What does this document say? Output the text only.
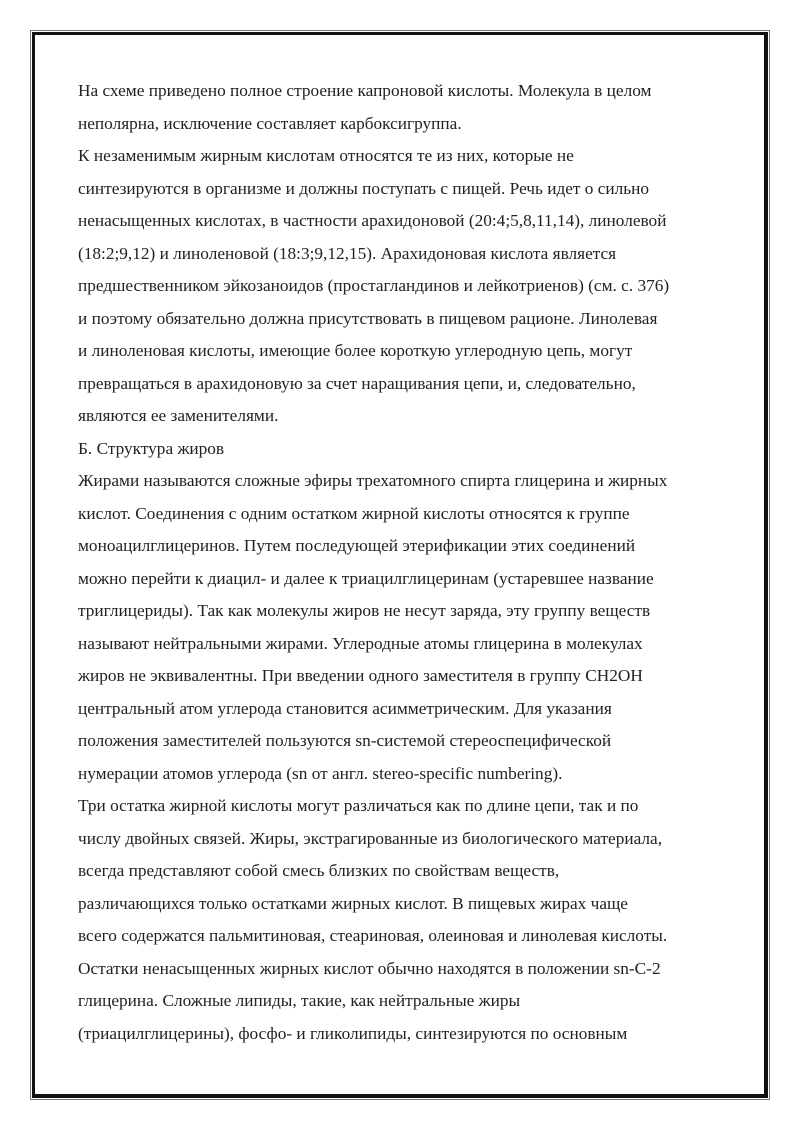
На схеме приведено полное строение капроновой кислоты. Молекула в целом
неполярна, исключение составляет карбоксигруппа.
К незаменимым жирным кислотам относятся те из них, которые не
синтезируются в организме и должны поступать с пищей. Речь идет о сильно
ненасыщенных кислотах, в частности арахидоновой (20:4;5,8,11,14), линолевой
(18:2;9,12) и линоленовой (18:3;9,12,15). Арахидоновая кислота является
предшественником эйкозаноидов (простагландинов и лейкотриенов) (см. с. 376)
и поэтому обязательно должна присутствовать в пищевом рационе. Линолевая
и линоленовая кислоты, имеющие более короткую углеродную цепь, могут
превращаться в арахидоновую за счет наращивания цепи, и, следовательно,
являются ее заменителями.
Б. Структура жиров
Жирами называются сложные эфиры трехатомного спирта глицерина и жирных
кислот. Соединения с одним остатком жирной кислоты относятся к группе
моноацилглицеринов. Путем последующей этерификации этих соединений
можно перейти к диацил- и далее к триацилглицеринам (устаревшее название
триглицериды). Так как молекулы жиров не несут заряда, эту группу веществ
называют нейтральными жирами. Углеродные атомы глицерина в молекулах
жиров не эквивалентны. При введении одного заместителя в группу CH2OH
центральный атом углерода становится асимметрическим. Для указания
положения заместителей пользуются sn-системой стереоспецифической
нумерации атомов углерода (sn от англ. stereo-specific numbering).
Три остатка жирной кислоты могут различаться как по длине цепи, так и по
числу двойных связей. Жиры, экстрагированные из биологического материала,
всегда представляют собой смесь близких по свойствам веществ,
различающихся только остатками жирных кислот. В пищевых жирах чаще
всего содержатся пальмитиновая, стеариновая, олеиновая и линолевая кислоты.
Остатки ненасыщенных жирных кислот обычно находятся в положении sn-C-2
глицерина. Сложные липиды, такие, как нейтральные жиры
(триацилглицерины), фосфо- и гликолипиды, синтезируются по основным
